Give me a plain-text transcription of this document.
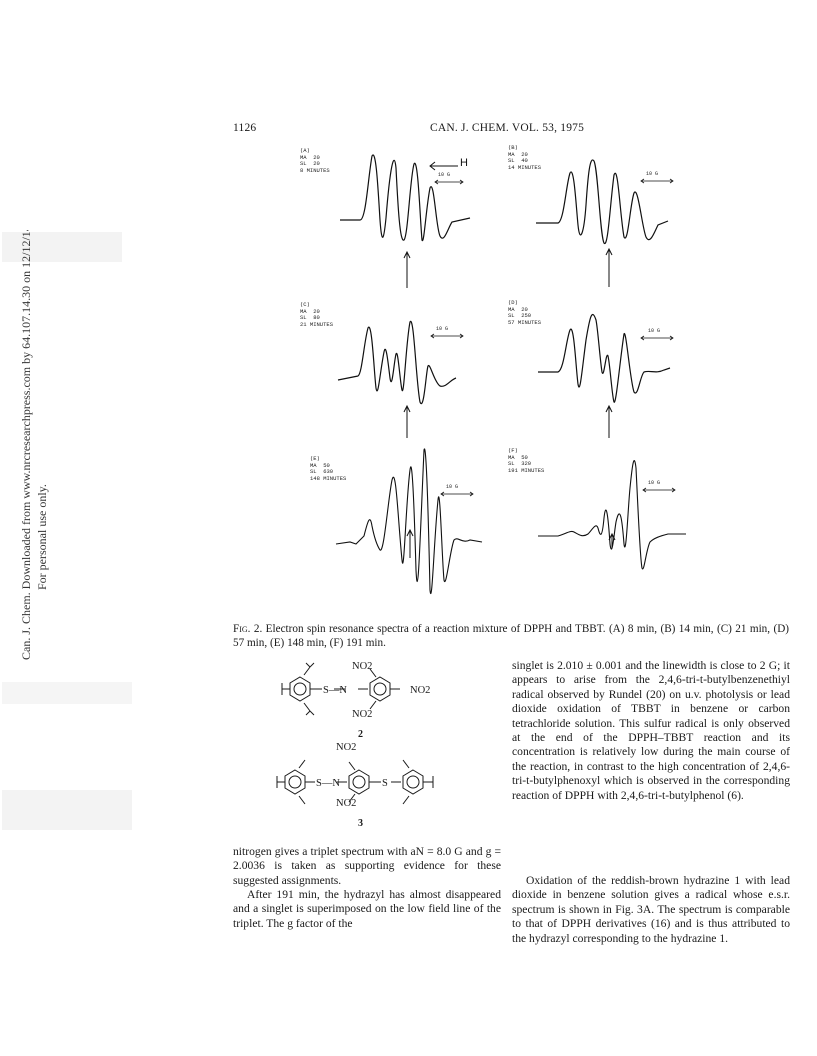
Can. J. Chem. Downloaded from www.nrcresearchpress.com by 64.107.14.30 on 12/12/14 For personal use only.
1126	CAN. J. CHEM. VOL. 53, 1975
(A)
MA  20
SL  20
8 MINUTES
H
10 G
(B)
MA  20
SL  40
14 MINUTES
10 G
(C)
MA  20
SL  80
21 MINUTES
10 G
(D)
MA  20
SL  250
57 MINUTES
10 G
(E)
MA  50
SL  630
148 MINUTES
10 G
(F)
MA  50
SL  320
191 MINUTES
10 G
Fig. 2. Electron spin resonance spectra of a reaction mixture of DPPH and TBBT. (A) 8 min, (B) 14 min, (C) 21 min, (D) 57 min, (E) 148 min, (F) 191 min.
S—N
NO2
NO2
NO2
2
S—N	S
NO2
NO2
3
nitrogen gives a triplet spectrum with aN = 8.0 G and g = 2.0036 is taken as supporting evidence for these suggested assignments.
After 191 min, the hydrazyl has almost disappeared and a singlet is superimposed on the low field line of the triplet. The g factor of the
singlet is 2.010 ± 0.001 and the linewidth is close to 2 G; it appears to arise from the 2,4,6-tri-t-butylbenzenethiyl radical observed by Rundel (20) on u.v. photolysis or lead dioxide oxidation of TBBT in benzene or carbon tetrachloride solution. This sulfur radical is only observed at the end of the DPPH–TBBT reaction and its concentration is relatively low during the main course of the reaction, in contrast to the high concentration of 2,4,6-tri-t-butylphenoxyl which is observed in the corresponding reaction of DPPH with 2,4,6-tri-t-butylphenol (6).
Oxidation of the reddish-brown hydrazine 1 with lead dioxide in benzene solution gives a radical whose e.s.r. spectrum is shown in Fig. 3A. The spectrum is comparable to that of DPPH derivatives (16) and is thus attributed to the hydrazyl corresponding to the hydrazine 1.
